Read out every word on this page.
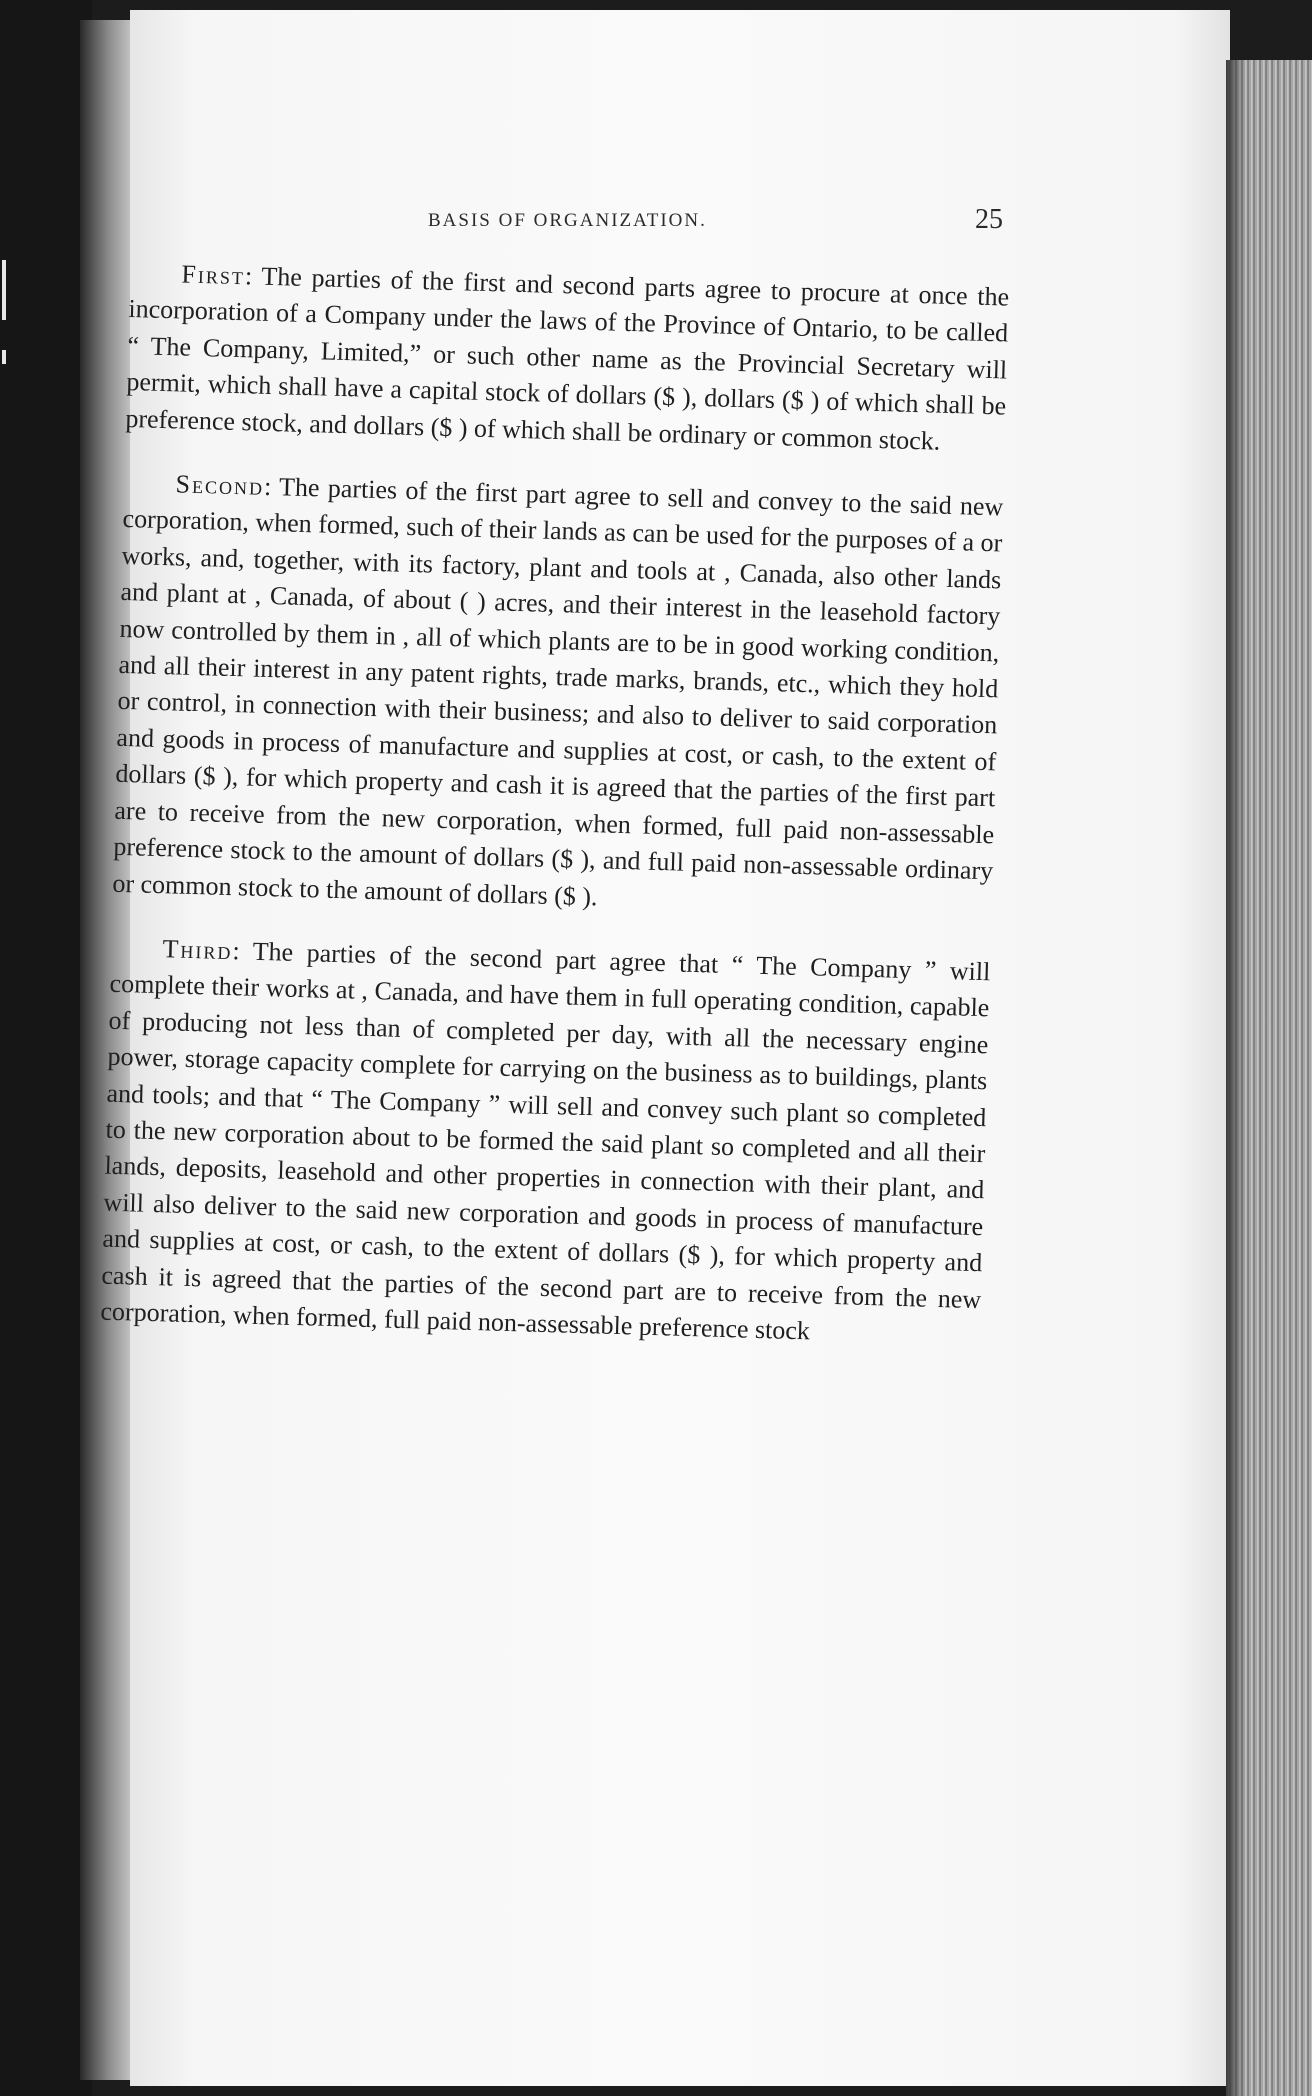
BASIS OF ORGANIZATION.	25

First: The parties of the first and second parts agree to procure at once the incorporation of a Company under the laws of the Province of Ontario, to be called “ The Company, Limited,” or such other name as the Provincial Secretary will permit, which shall have a capital stock of dollars ($ ), dollars ($ ) of which shall be preference stock, and dollars ($ ) of which shall be ordinary or common stock.

Second: The parties of the first part agree to sell and convey to the said new corporation, when formed, such of their lands as can be used for the purposes of a or works, and, together, with its factory, plant and tools at , Canada, also other lands and plant at , Canada, of about ( ) acres, and their interest in the leasehold factory now controlled by them in , all of which plants are to be in good working condition, and all their interest in any patent rights, trade marks, brands, etc., which they hold or control, in connection with their business; and also to deliver to said corporation and goods in process of manufacture and supplies at cost, or cash, to the extent of dollars ($ ), for which property and cash it is agreed that the parties of the first part are to receive from the new corporation, when formed, full paid non-assessable preference stock to the amount of dollars ($ ), and full paid non-assessable ordinary or common stock to the amount of dollars ($ ).

Third: The parties of the second part agree that “ The Company ” will complete their works at , Canada, and have them in full operating condition, capable of producing not less than of completed per day, with all the necessary engine power, storage capacity complete for carrying on the business as to buildings, plants and tools; and that “ The Company ” will sell and convey such plant so completed to the new corporation about to be formed the said plant so completed and all their lands, deposits, leasehold and other properties in connection with their plant, and will also deliver to the said new corporation and goods in process of manufacture and supplies at cost, or cash, to the extent of dollars ($ ), for which property and cash it is agreed that the parties of the second part are to receive from the new corporation, when formed, full paid non-assessable preference stock
